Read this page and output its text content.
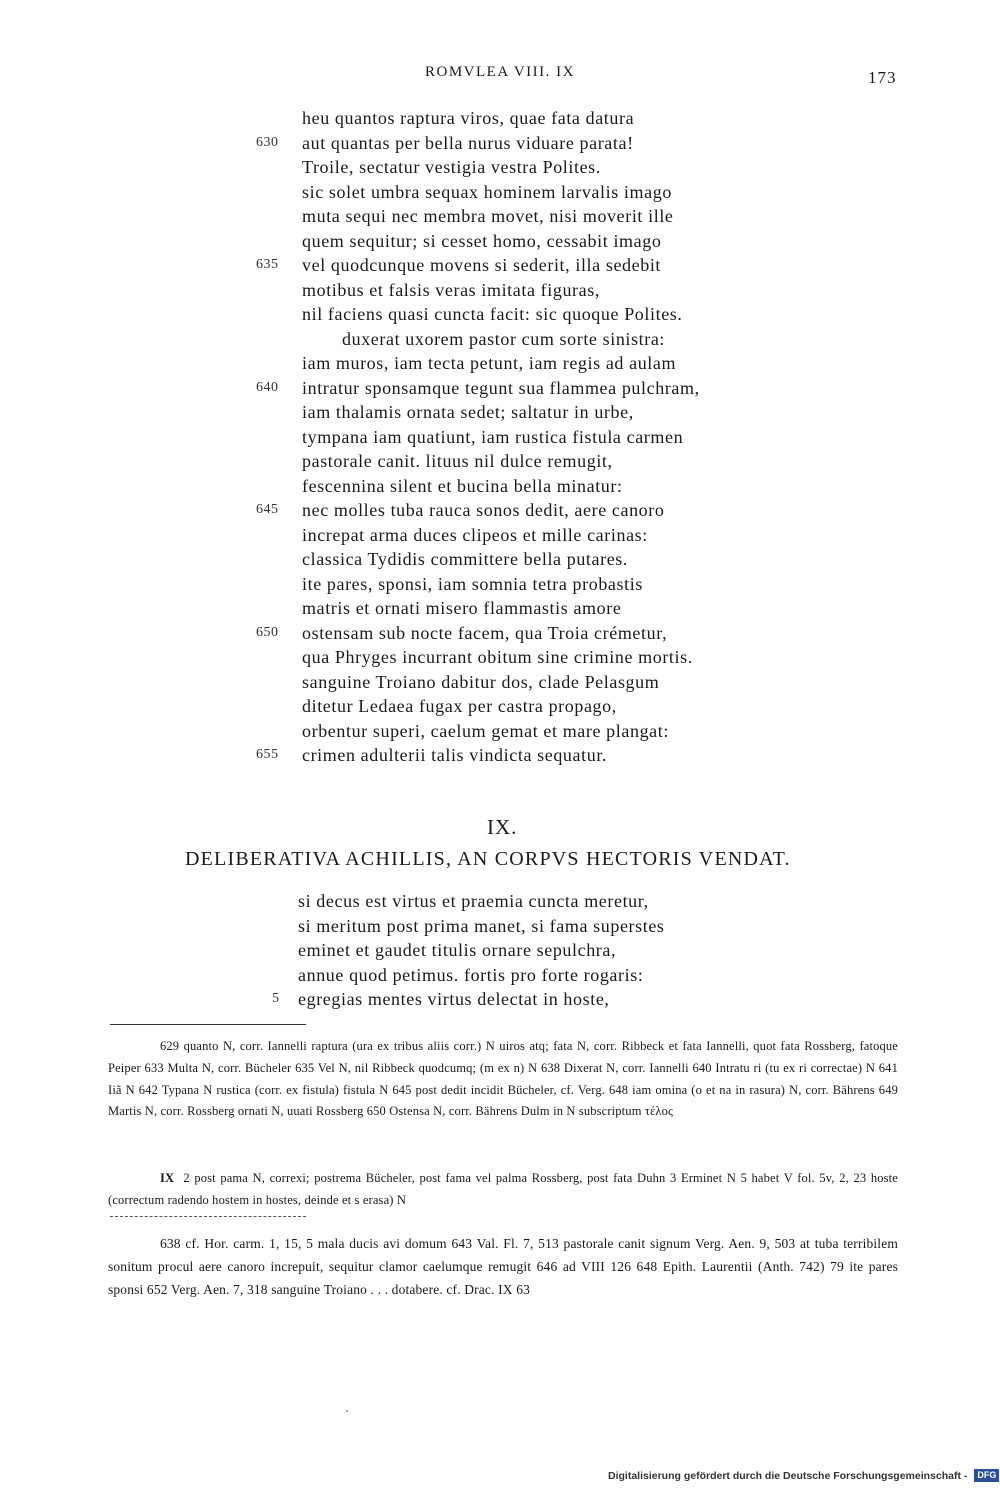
ROMVLEA VIII. IX	173
heu quantos raptura viros, quae fata datura
630	aut quantas per bella nurus viduare parata!
Troile, sectatur vestigia vestra Polites.
sic solet umbra sequax hominem larvalis imago
muta sequi nec membra movet, nisi moverit ille
quem sequitur; si cesset homo, cessabit imago
635	vel quodcunque movens si sederit, illa sedebit
motibus et falsis veras imitata figuras,
nil faciens quasi cuncta facit: sic quoque Polites.
duxerat uxorem pastor cum sorte sinistra:
iam muros, iam tecta petunt, iam regis ad aulam
640	intratur sponsamque tegunt sua flammea pulchram,
iam thalamis ornata sedet; saltatur in urbe,
tympana iam quatiunt, iam rustica fistula carmen
pastorale canit. lituus nil dulce remugit,
fescennina silent et bucina bella minatur:
645	nec molles tuba rauca sonos dedit, aere canoro
increpat arma duces clipeos et mille carinas:
classica Tydidis committere bella putares.
ite pares, sponsi, iam somnia tetra probastis
matris et ornati misero flammastis amore
650	ostensam sub nocte facem, qua Troia crémetur,
qua Phryges incurrant obitum sine crimine mortis.
sanguine Troiano dabitur dos, clade Pelasgum
ditetur Ledaea fugax per castra propago,
orbentur superi, caelum gemat et mare plangat:
655	crimen adulterii talis vindicta sequatur.
IX.
DELIBERATIVA ACHILLIS, AN CORPVS HECTORIS VENDAT.
si decus est virtus et praemia cuncta meretur,
si meritum post prima manet, si fama superstes
eminet et gaudet titulis ornare sepulchra,
annue quod petimus. fortis pro forte rogaris:
5	egregias mentes virtus delectat in hoste,

629 quanto N, corr. Iannelli raptura (ura ex tribus aliis corr.) N uiros atq; fata N, corr. Ribbeck et fata Iannelli, quot fata Rossberg, fatoque Peiper 633 Multa N, corr. Bücheler 635 Vel N, nil Ribbeck quodcumq; (m ex n) N 638 Dixerat N, corr. Iannelli 640 Intratu ri (tu ex ri correctae) N 641 Iiã N 642 Typana N rustica (corr. ex fistula) fistula N 645 post dedit incidit Bücheler, cf. Verg. 648 iam omina (o et na in rasura) N, corr. Bährens 649 Martis N, corr. Rossberg ornati N, uuati Rossberg 650 Ostensa N, corr. Bährens Dulm in N subscriptum τέλος

IX 2 post pama N, correxi; postrema Bücheler, post fama vel palma Rossberg, post fata Duhn 3 Erminet N 5 habet V fol. 5v, 2, 23 hoste (correctum radendo hostem in hostes, deinde et s erasa) N

638 cf. Hor. carm. 1, 15, 5 mala ducis avi domum 643 Val. Fl. 7, 513 pastorale canit signum Verg. Aen. 9, 503 at tuba terribilem sonitum procul aere canoro increpuit, sequitur clamor caelumque remugit 646 ad VIII 126 648 Epith. Laurentii (Anth. 742) 79 ite pares sponsi 652 Verg. Aen. 7, 318 sanguine Troiano . . . dotabere. cf. Drac. IX 63

Digitalisierung gefördert durch die Deutsche Forschungsgemeinschaft - DFG
